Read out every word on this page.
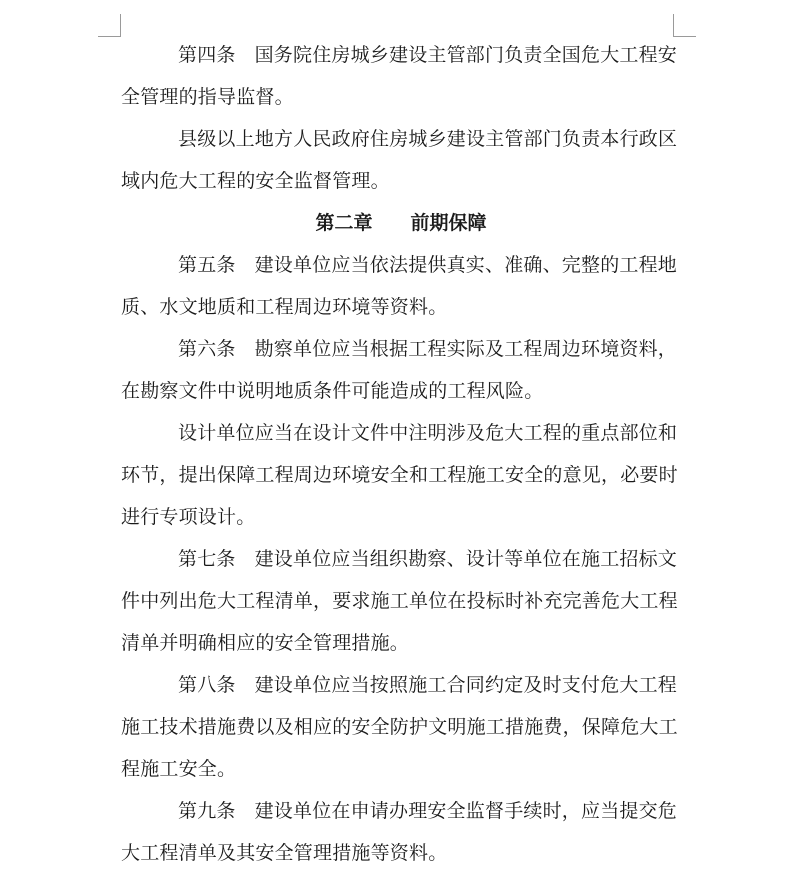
第四条 国务院住房城乡建设主管部门负责全国危大工程安全管理的指导监督。

县级以上地方人民政府住房城乡建设主管部门负责本行政区域内危大工程的安全监督管理。

第二章 前期保障

第五条 建设单位应当依法提供真实、准确、完整的工程地质、水文地质和工程周边环境等资料。

第六条 勘察单位应当根据工程实际及工程周边环境资料，在勘察文件中说明地质条件可能造成的工程风险。

设计单位应当在设计文件中注明涉及危大工程的重点部位和环节，提出保障工程周边环境安全和工程施工安全的意见，必要时进行专项设计。

第七条 建设单位应当组织勘察、设计等单位在施工招标文件中列出危大工程清单，要求施工单位在投标时补充完善危大工程清单并明确相应的安全管理措施。

第八条 建设单位应当按照施工合同约定及时支付危大工程施工技术措施费以及相应的安全防护文明施工措施费，保障危大工程施工安全。

第九条 建设单位在申请办理安全监督手续时，应当提交危大工程清单及其安全管理措施等资料。
